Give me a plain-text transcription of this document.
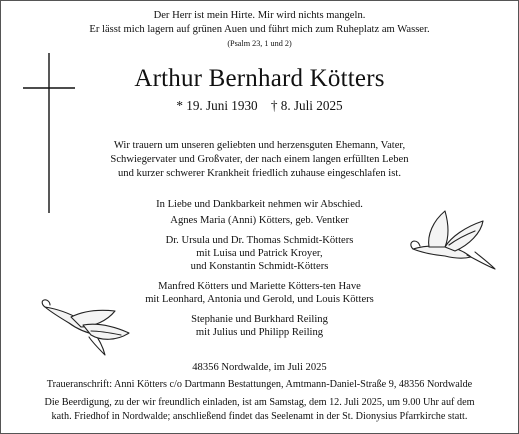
Der Herr ist mein Hirte. Mir wird nichts mangeln.
Er lässt mich lagern auf grünen Auen und führt mich zum Ruheplatz am Wasser.
(Psalm 23, 1 und 2)
Arthur Bernhard Kötters
* 19. Juni 1930 † 8. Juli 2025
Wir trauern um unseren geliebten und herzensguten Ehemann, Vater,
Schwiegervater und Großvater, der nach einem langen erfüllten Leben
und kurzer schwerer Krankheit friedlich zuhause eingeschlafen ist.
In Liebe und Dankbarkeit nehmen wir Abschied.
Agnes Maria (Anni) Kötters, geb. Ventker
Dr. Ursula und Dr. Thomas Schmidt-Kötters
mit Luisa und Patrick Kroyer,
und Konstantin Schmidt-Kötters
Manfred Kötters und Mariette Kötters-ten Have
mit Leonhard, Antonia und Gerold, und Louis Kötters
Stephanie und Burkhard Reiling
mit Julius und Philipp Reiling
48356 Nordwalde, im Juli 2025
Traueranschrift: Anni Kötters c/o Dartmann Bestattungen, Amtmann-Daniel-Straße 9, 48356 Nordwalde
Die Beerdigung, zu der wir freundlich einladen, ist am Samstag, dem 12. Juli 2025, um 9.00 Uhr auf dem
kath. Friedhof in Nordwalde; anschließend findet das Seelenamt in der St. Dionysius Pfarrkirche statt.
